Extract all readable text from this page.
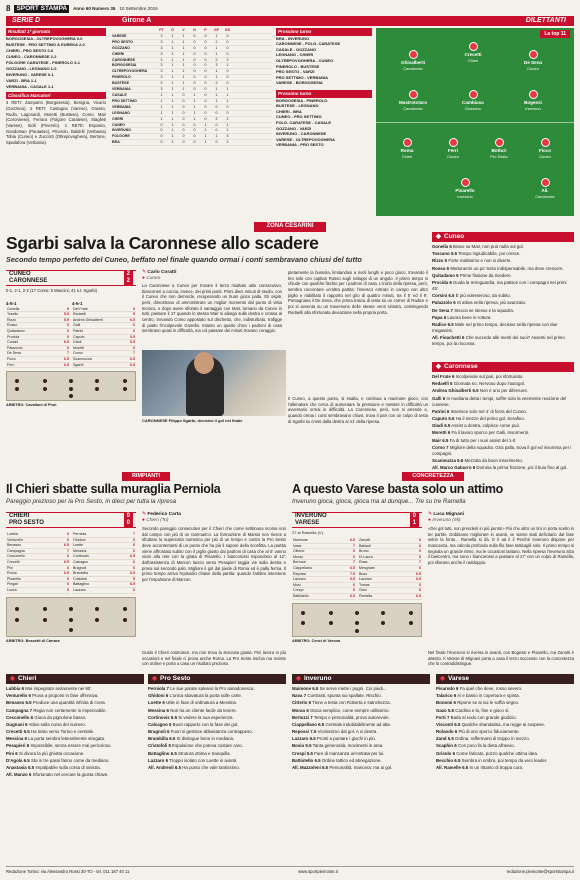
8 SPORT STAMPA	Anno 60 Numero 35 10 Settembre 2016
SERIE D	Girone A	DILETTANTI
Risultati 1ª giornata
BORGOSESIA - OLTREPOVOGHERA 0-0
BUSTESE - PRO SETTIMO & EUREKA 2-0
CHIERI - PRO SESTO 0-0
CUNEO - CARONNESE 2-2
FOLGORE CARATESE - PINEROLO 3-1
GOZZANO - LEGNANO 1-0
INVERUNO - VARESE 0-1
VARZI - BRA 1-1
VERBANIA - CASALE 1-1
Classifica Marcatori
3 RETI: Zampano (Borgosesia), Benigna, Vicario (Gozzano). 2 RETI: Castagna (Varese), Grasso, Rudin, Lagonardi, Moretti (Bustese), Como, Mair (Caronnese), Ferrara (Folgore Caratese), Staglieti (Varese), Sicili (Pinerolo). 1 RETE: Esposito, Gandoman (Pautasso), Pinerolo, Baldelli (Verbania) Tobia (Cuneo) e Zuccotti (Oltrepovoghera), Bertone, Spadafora (Verbania).
PT	G	V	N	P	GF	GS
VARESE	3	1	1	0	0	1	0
PRO SESTO	3	1	1	0	0	2	0
GOZZANO	3	1	1	0	0	1	0
CHIERI	3	1	1	0	0	1	0
CARONNESE	3	1	1	0	0	2	2
BORGOSESIA	3	1	1	0	0	3	1
OLTREPOVOGHERA	3	1	1	0	0	1	0
PINEROLO	3	1	1	0	0	1	0
BUSTESE	3	1	1	0	0	2	0
VERBANIA	3	1	1	0	0	1	1
CASALE	1	1	0	1	0	1	1
PRO SETTIMO	1	1	0	1	0	1	1
VERBANIA	1	1	0	1	0	0	0
LEGNANO	1	1	0	1	0	0	0
CHERI	1	1	0	1	0	2	2
CUNEO	0	1	0	0	1	0	1
INVERUNO	0	1	0	0	1	0	1
FOLGORE	0	1	0	0	1	1	3
BRA	0	1	0	0	1	0	2
Prossimo turno
BRA - INVERUNO
CARONNESE - FOLG. CARATESE
CASALE - GOZZANO
LEGNANO - CHIERI
OLTREPOVOGHERA - CUNEO
PINEROLO - BUSTESE
PRO SESTO - VARZI
PRO SETTIMO - VERBANIA
VARESE - BORGOSESIA
Prossimo turno
BORGOSESIA - PINEROLO
BUSTESE - LEGNANO
CHIERI - BRA
CUNEO - PRO SETTIMO
FOLG. CARATESE - CASALE
GOZZANO - VARZI
INVERUNO - CARONNESE
VARESE - OLTREPOVOGHERA
VERBANIA - PRO SESTO
La top 11
Ghisalberti
Caronnese
Crecetti
Chieri	De Sena
Cuneo
Mastrototaro
Caronnese
Cambiaso
Gozzano
Bogessi
Inveruno
Roma
Chieri
Ferri
Cuneo
Botturi
Pro Sesto
Ficco
Cuneo
Pisarello
Inveruno
All.
Caronnese
ZONA CESARINI
Sgarbi salva la Caronnese allo scadere
Secondo tempo perfetto del Cuneo, beffato nel finale quando ormai i conti sembravano chiusi del tutto
CUNEO	2
CARONNESE	2
0-1, 2-1, 2-2 (17 Como; 5 Mancini; 41 s.t. Sgarbi)
4-5-1
Gonella	6
Tosello	5.5
Rizzo	5.5
Rosso	6
Quitadamo	6
Procida	6
Corsini	6.5
Palazzolo	6
De Sena	7
Ficco	6.5
Ferri	6.5
4-5-1
Del Frate	6
Redaelli	5
Andrea Ghisalberti	6.5
Galli	6
Patrini	6
Caputo	5.5
Gladi	6.5
Moretti	6
Corno	7
Scanmuzza	6.5
Sgarbi	6.5
ARBITRO: Cavalloni di Piuri
✎ Carlo Coratti
● Cuneo
La Caronnese a Cuneo per trovare il terzo risultato utile consecutivo, bianconeri a caccia, invece, dei primi punti. Primi dieci minuti di studio, con il Cuneo che non demorde, recuperando un buon gioco palla. Gli ospiti, però, dimostrano di amministrare un miglior momento dal punto di vista tecnico, e dopo avere sfiorato il vantaggio con Mair, tornano da Cuneo in tutti, passare il 17 quando lo stesso Mair si allarga sulla destra e crossa al centro, trovando Como appostato sul dischetto, che, indisturbato, trafigge di piatto l'incolpevole Gonella. Intanto un quarto d'ora i padroni di casa sembrano quasi in difficoltà, ma col passare dei minuti trovano coraggio.
pletamente la bussola, limitandosi a rivoli lunghi e poco gioco, trovando il tiro solo con capitan Rosso sugli sviluppi di un angolo. Il primo tempo si chiude con qualche fischio per i padroni di casa. L'inizio della ripresa, però, sembra raccontare un'altra partita: l'innesco entrato in campo con altro piglio e riabilitato il rapporto nel giro di quattro minuti, tra il 5' ed il 9'. Pontagnana il De Sena, che prima trasca di testa su un corner di Radice e poi si avventa su un traversone delle stesse venti sinistra, costringendo Redaelli alla sfortunata deviazione nella propria porta.
Il Cuneo, a questo punto, si esalta, e continua a macinare gioco, con l'allenatore che cerca di aumentare la pressione e mettere in difficoltà un avversario ormai in difficoltà. La Caronnese, però, non si arrende e, quando ormai i conti sembravano chiusi, trova il pari con un colpo di testa di Sgarbi su cross dalla destra al 41' della ripresa.
CARONNESE Filippo Sgarbi, decisivo il gol nel finale
◆ Cuneo

Gonella 6 Bravo su Mair, non può nulla sul gol.

Toscano 5.5 Tempo ingiudicabile, poi cresce.

Rizzo 5 Forte malissimo e non si diverte.

Rosso 6 Mettonermi un po' lento indispensabile, ma deve crescere.

Quitadamo 6 Prime fissione da rivedere.

Procida 6 Guida la retroguardia, ma patisce con i compagni nei primi 45'.

Corsini 6.5 È più volenteroso, da subito.

Palazzolo 6 Si attiva nella ripresa, più avanzato.

De Sena 7 Stecca se stesso e la squadra.

Papa 6 Lavora bene in rottura.

Radice 6.5 Male nel primo tempo, decisivo nella ripresa con due megassist.

All. Fioachetti 6 Che succede alle menti dei suoi? Assenti nel primo tempo, poi la riscossa.

◆ Caronnese

Del Frate 6 Incolpevole sul pari, poi sfortunato.

Redaelli 5 Giornata no. Nervoso dopo l'autogol.

Andrea Ghisalberti 6.5 Non è uno per difensore.

Galli 6 In mediana detta i tempi, soffre solo la veemente reazione del cuneese.

Patrini 6 Inserisce solo nel 4' di forza del Cuneo.

Caputo 5.5 Ha il mezzo del primo gol. Serafino.

Gladi 6.5 Assist a destra, colpisce come può.

Moretti 6 Fa il lavoro sporco per Galli, Insormenti.

Mair 6.5 Fa di tutto per i suoi assist del 1-0.

Corno 7 Migliore della squadra. Gira palla, trova il gol ed insomma per i compagni.

Scanmuzza 6.5 Mezzala da buon inserimento.

All. Marco Gaburro 6 Domina la prima frazione, poi il buio fino al gol.

RIMPIANTI
Il Chieri sbatte sulla muraglia Perniola
Pareggio prezioso per la Pro Sesto, in dieci per tutta la ripresa
CHIERI	0
PRO SESTO	0
Lubbia	6
Venturello	6
Benasso	6.5
Campagna	7
Cecconello	6
Crecetti	6.5
Pini	6
Roma	6.5
Pisarello	6
Piegari	6
Luzza	6
Perniola	7
Ghidoni	6
Loette	6
Messina	6
Cortinovis	6.5
Calcagno	6
Bragnoli	6
Brambilla	6.5
Cristofoli	5
Battaglino	6.5
Lazzaro	6
ARBITRO: Bossetti di Carrara
✎ Federico Carta
● Chieri (To)
Secondo pareggio consecutivo per il Chieri che come settimana scorsa non dal campo con più di un rammarico. La formazione di Marsio non riesce a sfruttare la superiorità numerica per più di un tempo e contro la Pro Sesto deve accontentarsi di un punto che ha più il sapore della sconfitta. La partita viene affrontata subito con il piglio giusto dai padroni di casa che al 5' vanno vicini alla rete con la girata di Pisarello. I biancorossi rispondono al 12': dall'assistenza di Marcon lancio verso Pesapieri taggia vie sulla destra e prova sul secondo palo. Migliore il gol dal piede di Roma ed è palla ferma. Il primo tempo arriva l'episodio chiave della partita: quando l'arbitro interviene per l'espulsione di Marcon.
Guido il Chieri costruisce, ma non trova la stoccata giusta. Pini lavora in più occasioni e nel finale ci prova anche Roma. La Pro Sesto rischia ma resiste con ordine e porta a casa un risultato prezioso.
CONCRETEZZA
A questo Varese basta solo un attimo
Inveruno gioca, gioca, gioca ma al dunque... Tre su tre Ramella
INVERUNO	0
VARESE	1
27 st Ramella (V).
Maimone	6.5
Nava	7
Citterio	6
Morao	6
Bertuzzi	7
Ciappellano	6.5
Repossi	7.5
Lazzaro	6.5
Mosi	6
Crespi	6
Battistello	6.5
Zanotti	6
Ballanti	6
Bruno	6
Di Laura	6
Rosa	7
Mesgnam	6
Buso	6.5
Lazzaro	6.5
Tomas	6
Gani	6
Ramella	6.5
ARBITRO: Cenci di Verona
✎ Luca Mignani
● Inveruno (Mi)
«Dei gol tutti, non prenderli in più punto!» Più che altro un tiro in porta scelto in ter partite. Dobbiamo migliorare in avanti, ve siamo stati deficitario dal fase selon la fonte... Ramella si dà. E il ad il il Perché Inveruno dispone per mancanza, ma calcola profonda sulla fila fase tatticaglii solo. Il primo tempo si segnala un grande ritmo, ma le occasioni latitano. Nella ripresa l'Inveruno alza il baricentro, ma sono i biancorossi a passare al 27' con un colpo di Ramella, poi sfiorano anche il raddoppio.
Nel finale l'Inveruno si riversa in avanti, con Bogessi e Pisarello, ma Zanotti è attento. Il Varese di Mignani porta a casa il terzo successo con la concretezza che lo contraddistingue.
◆ Chieri

Lubbia 6 Mai impegnato seriamente nei 90'.

Venturello 6 Prova a proporsi in fase offensiva.

Benasso 6.5 Produce una quantità infinita di cross.

Campagna 7 Regia non certamente in impeccabile.

Cecconello 6 Gioca da pignolone basso.

Gugnani 6 Attivo sulla corsa del numero.

Crecetti 6.5 Ha tirato verso Torino e centrale.

Messina 6 La porta sembra letteralmente stregata.

Pesapieri 6 Impossibile, senza essere mai pericoloso.

Pini 6 Si divora la più ghiotta occasione.

D'Agola 6.5 Sta in tre passi fanno come da mediano.

Anastasia 5.5 Impalpabile sulla corsa di sinistra.

All. Manzo 6 Sfortunato nel cercare la giusta chiave.

◆ Pro Sesto

Perniola 7 Le sue parate salvano la Pro sanadonesca.

Ghidoni 6 L'unica sbavatura la porta sulle carte.

Loette 6 Utile in fase di ordinatura a Messina.

Messina 6 Non ha un cliente facile da tenere.

Cortinovis 6.5 Si vedere la sua esperienza.

Calcagno 6 Buon rapporto con la fase dei gol.

Bragnoli 6 Fuori si gestisce abbastanza contrappeso.

Brambilla 6.5 Si distingue bene in mediana.

Cristofoli 5 Espulsione che poteva costare caro.

Battaglino 6.5 Strutura ottima e tranquilla.

Lazzaro 6 Troppo isolato con Loette in avanti.

All. Andreoli 6.5 Ha punto che vale tantissimo.

◆ Inveruno

Maimone 6.5 Se serve mette i pugni. Coi piedi...

Nava 7 Contrasti, spunta sui spallate. Rischio.

Citterio 6 Tiene a testa con Roberta e stanchezza.

Morao 6 Gioca semplice, come sempre utilissimo.

Bertuzzi 7 Tempo e personalità, prova autorevole.

Ciappellano 6.5 Centrale indubitabilmente ad alta.

Repossi 7.5 Vicinissimo dal gol. A si destra.

Lazzaro 6.5 Pronti a puntare i giochi in più.

Bosio 5.5 Tanta generosità, movimenti in area.

Crespi 5.5 Fare di mancanza un'entrata per lui.

Battistello 6.5 Ordine tattico ed abnegazione.

All. Mazzoleni 6.5 Personalità, manovra: ma ai gol.

◆ Varese

Pisarodo 6 Fa quel che deve, rosso severo.

Talarico 6 Ai e basso in copertura e spinta.

Bonomi 6 Ripone se ai sui le soffia segno.

Gazo 5.5 Cardina e la, fine e gioco sì.

Forti 7 Bada al sodo con grande giudizio.

Visconti 6.5 Qualche sbandatina, ma regge ai sospese.

Rolando 6 Più di uno sporco fiduciamente.

Zand 5.5 Ordina, raffermarsi di troppo in mezzo.

Scaphin 6 Con poco fa la dieta all'avvio.

Grisolo 6 Come faticato, pozzo qualche ottima idea.

Becchio 6.5 Sembra in ombra, poi tempo da vero leader.

All. Ramelle 6.5 In un rittanto di troppa cura.

Redazione Torino: via Alessandro Rossi 30-TO - tel. 011 187 40 11	www.sportpiemonte.it	redazione.piemonte@sportstampa.it
